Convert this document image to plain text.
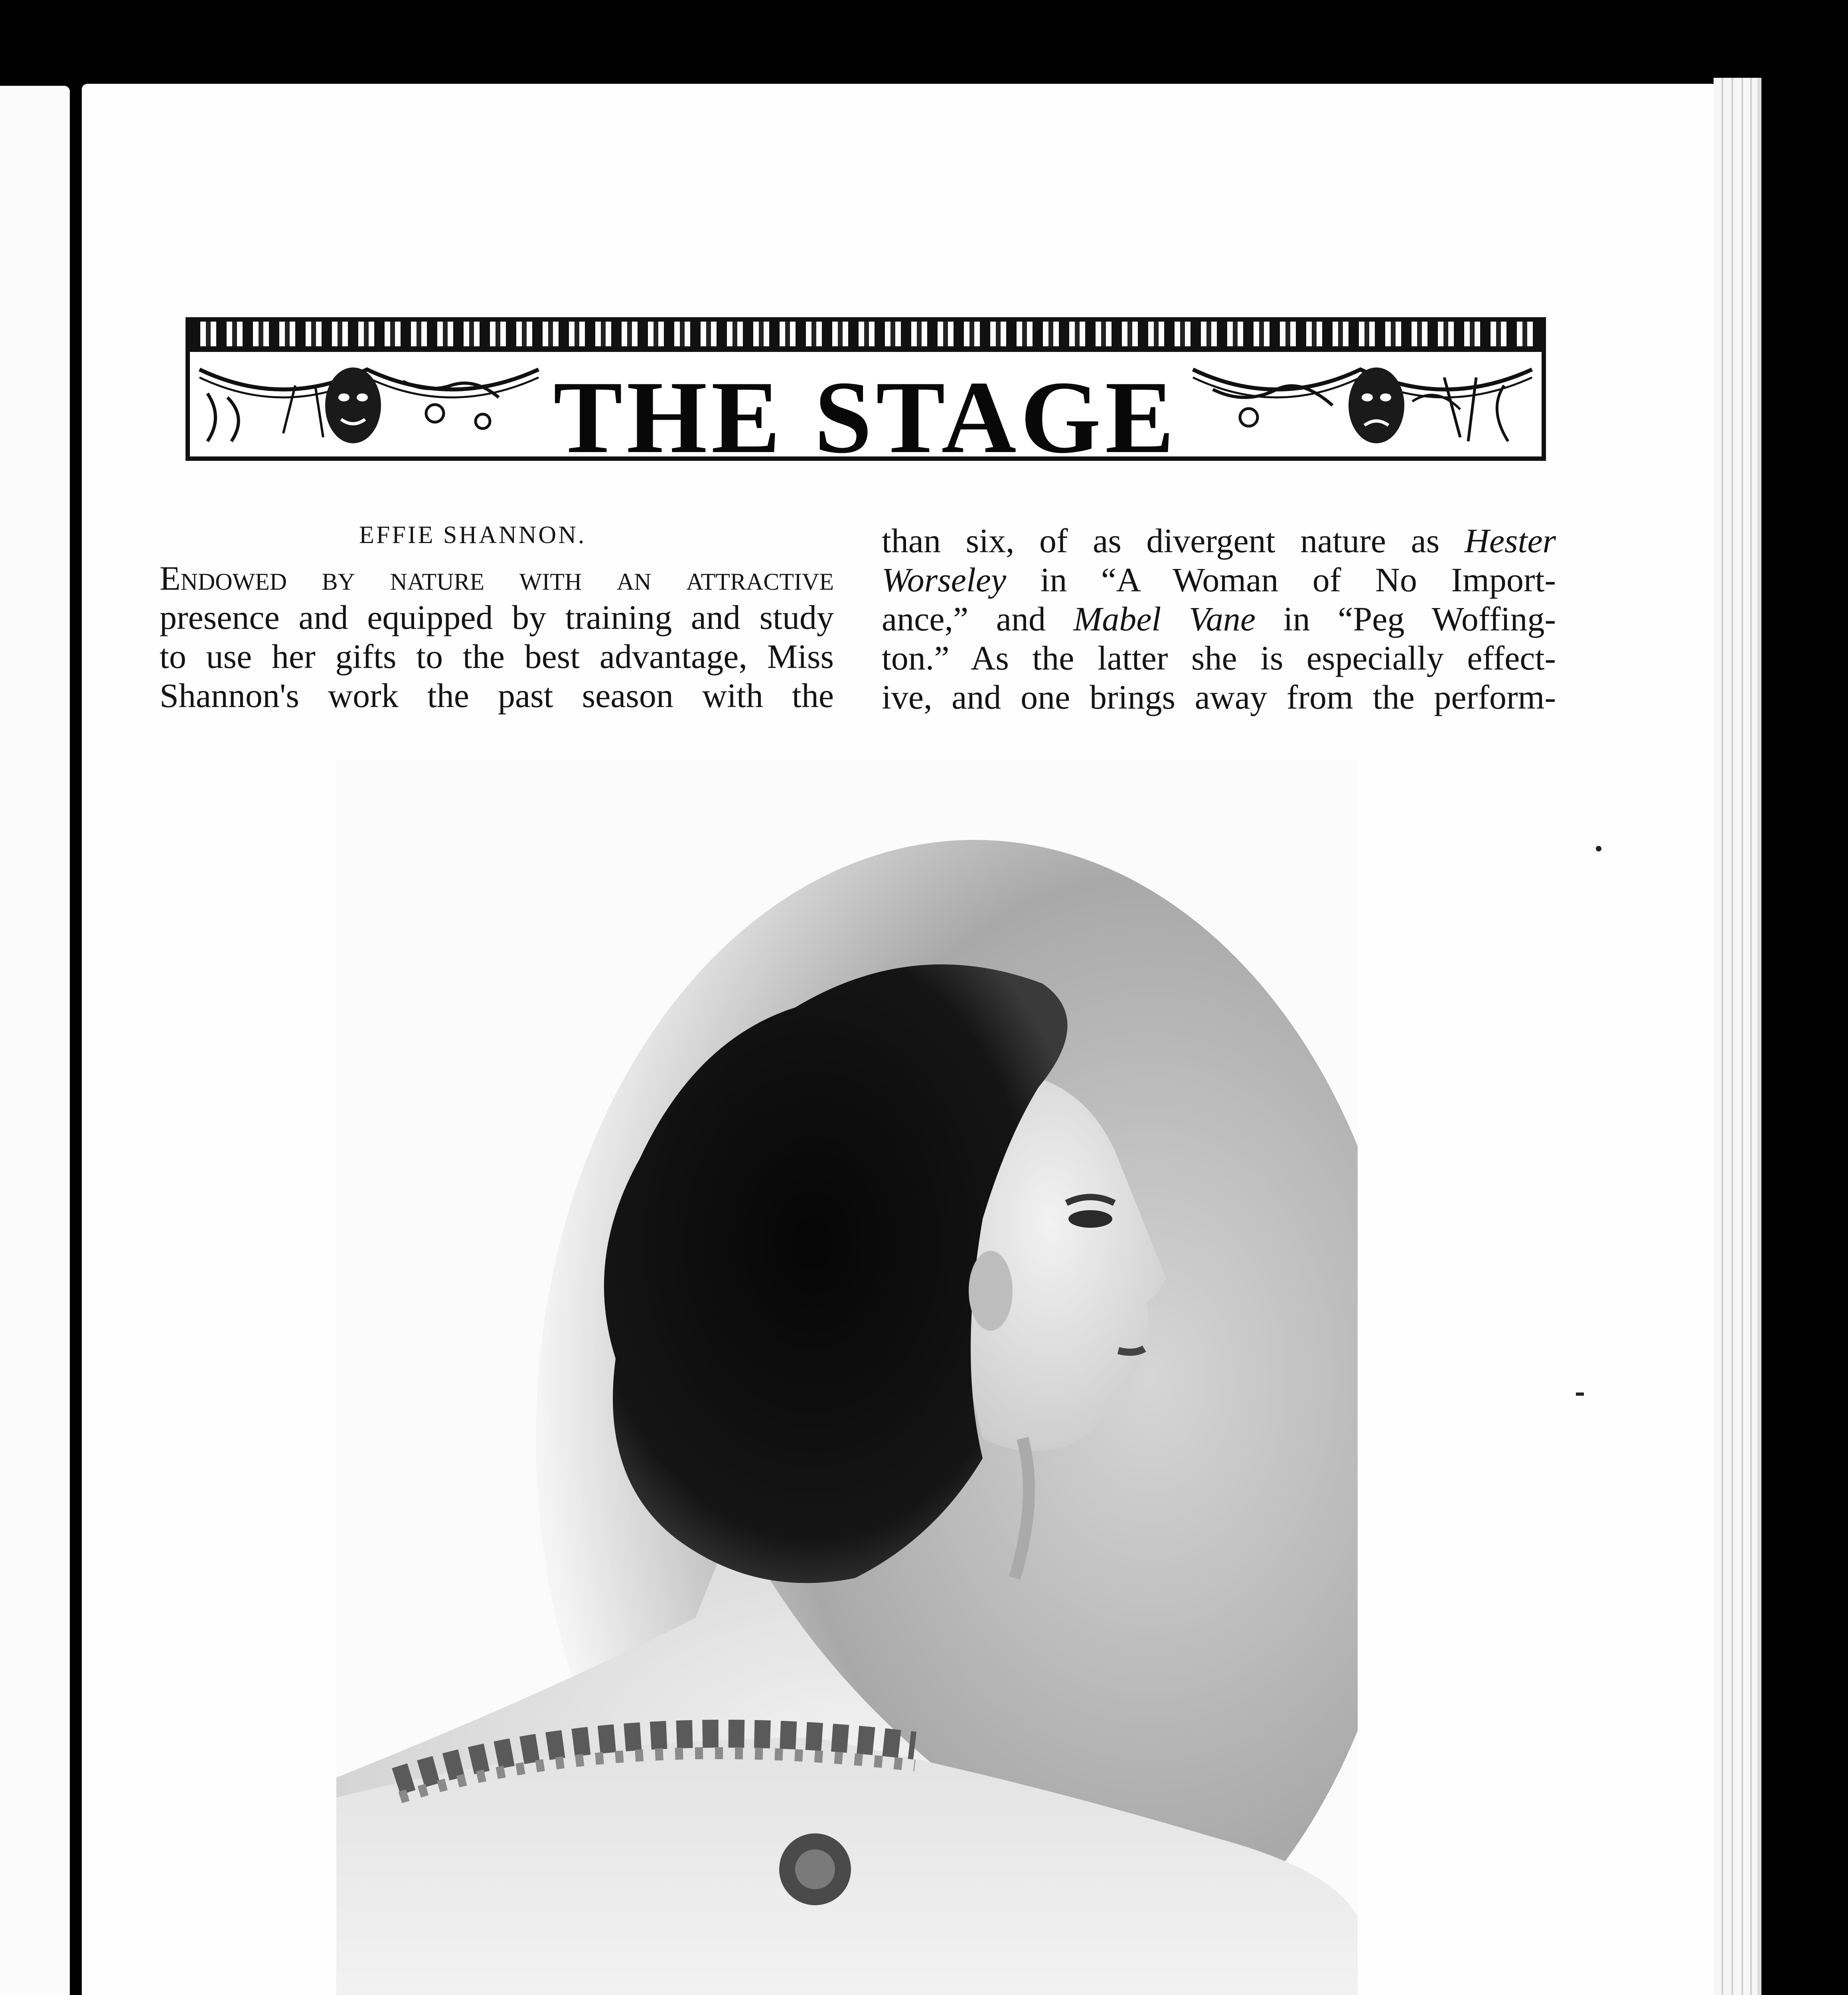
THE STAGE
EFFIE SHANNON.
Endowed by nature with an attractive
presence and equipped by training and study
to use her gifts to the best advantage, Miss
Shannon's work the past season with the
than six, of as divergent nature as Hester
Worseley in “A Woman of No Import-
ance,” and Mabel Vane in “Peg Woffing-
ton.” As the latter she is especially effect-
ive, and one brings away from the perform-
